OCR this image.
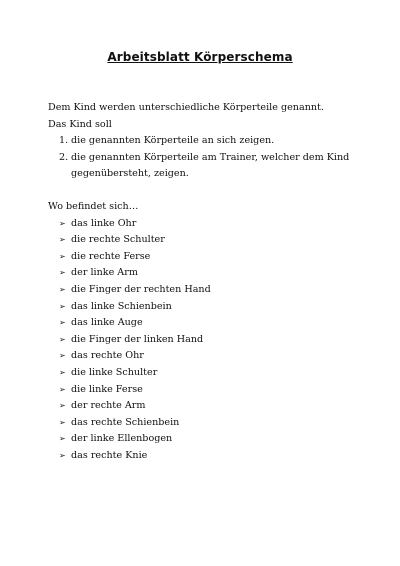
Arbeitsblatt Körperschema

Dem Kind werden unterschiedliche Körperteile genannt.

Das Kind soll

1. die genannten Körperteile an sich zeigen.
2. die genannten Körperteile am Trainer, welcher dem Kind gegenübersteht, zeigen.

Wo befindet sich…

➢ das linke Ohr
➢ die rechte Schulter
➢ die rechte Ferse
➢ der linke Arm
➢ die Finger der rechten Hand
➢ das linke Schienbein
➢ das linke Auge
➢ die Finger der linken Hand
➢ das rechte Ohr
➢ die linke Schulter
➢ die linke Ferse
➢ der rechte Arm
➢ das rechte Schienbein
➢ der linke Ellenbogen
➢ das rechte Knie
